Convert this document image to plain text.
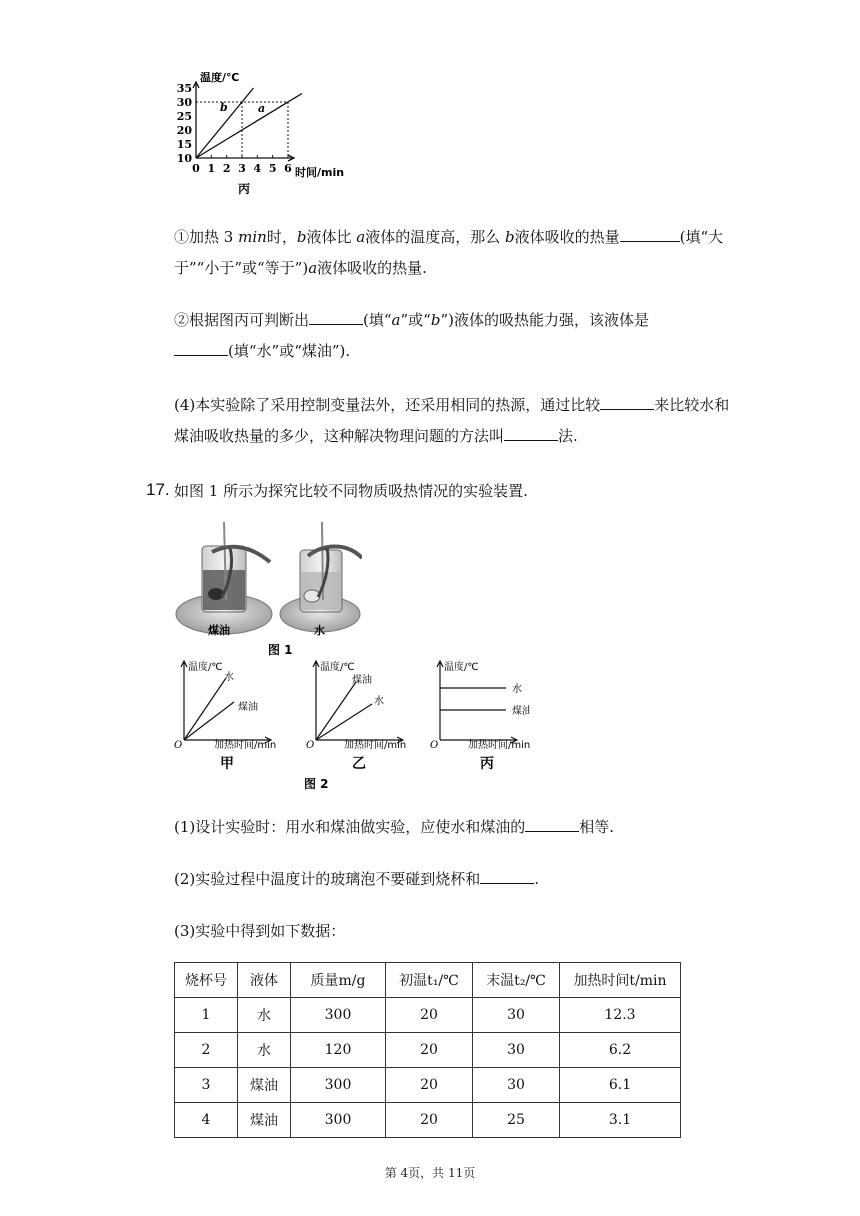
温度/℃
时间/min
35
30
25
20
15
10
0 1 2 3 4 5 6
b	a
丙
①加热 3 min时，b液体比 a液体的温度高，那么 b液体吸收的热量	(填“大于”“小于”或“等于”)a液体吸收的热量.
②根据图丙可判断出	(填“a”或“b”)液体的吸热能力强，该液体是
(填“水”或“煤油”).
(4)本实验除了采用控制变量法外，还采用相同的热源，通过比较	来比较水和煤油吸收热量的多少，这种解决物理问题的方法叫	法.
17. 如图 1 所示为探究比较不同物质吸热情况的实验装置.
煤油	水
图 1
温度/℃
水
煤油
O	加热时间/min
甲
温度/℃
煤油
水
O	加热时间/min
乙
温度/℃
水
煤油
O	加热时间/min
丙
图 2
(1)设计实验时：用水和煤油做实验，应使水和煤油的	相等.
(2)实验过程中温度计的玻璃泡不要碰到烧杯和	.
(3)实验中得到如下数据：
烧杯号	液体	质量m/g	初温t₁/℃	末温t₂/℃	加热时间t/min
1	水	300	20	30	12.3
2	水	120	20	30	6.2
3	煤油	300	20	30	6.1
4	煤油	300	20	25	3.1
第 4页，共 11页
